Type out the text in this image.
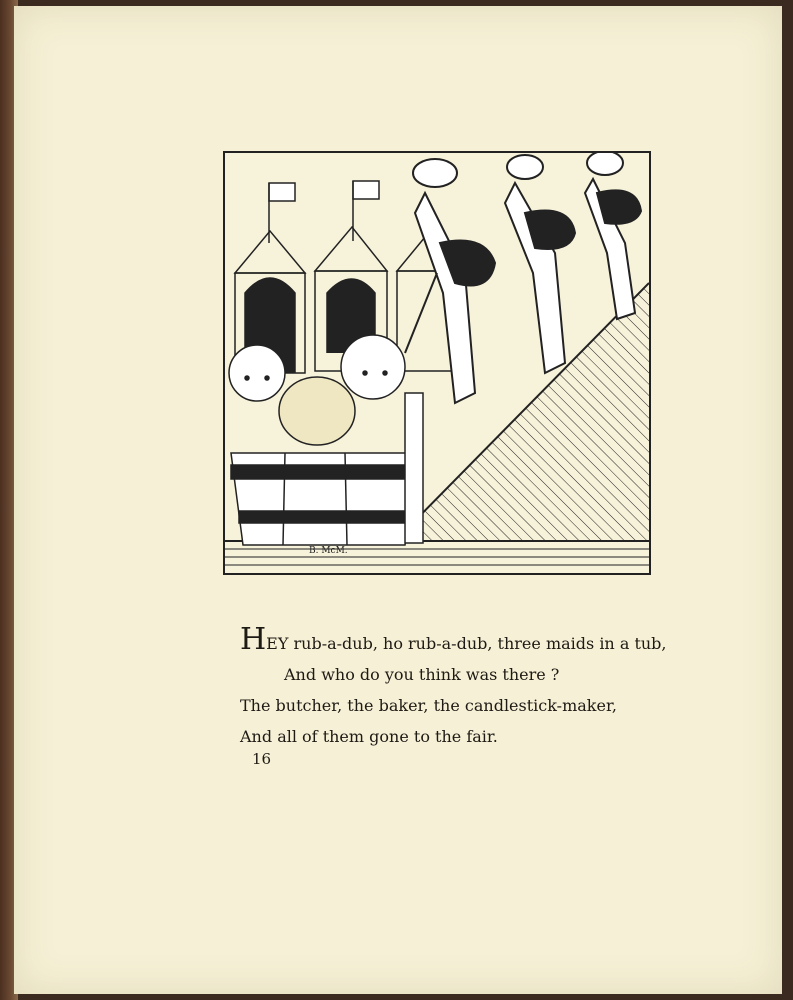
B. McM.
HEY rub-a-dub, ho rub-a-dub, three maids in a tub,
And who do you think was there ?
The butcher, the baker, the candlestick-maker,
And all of them gone to the fair.
16
